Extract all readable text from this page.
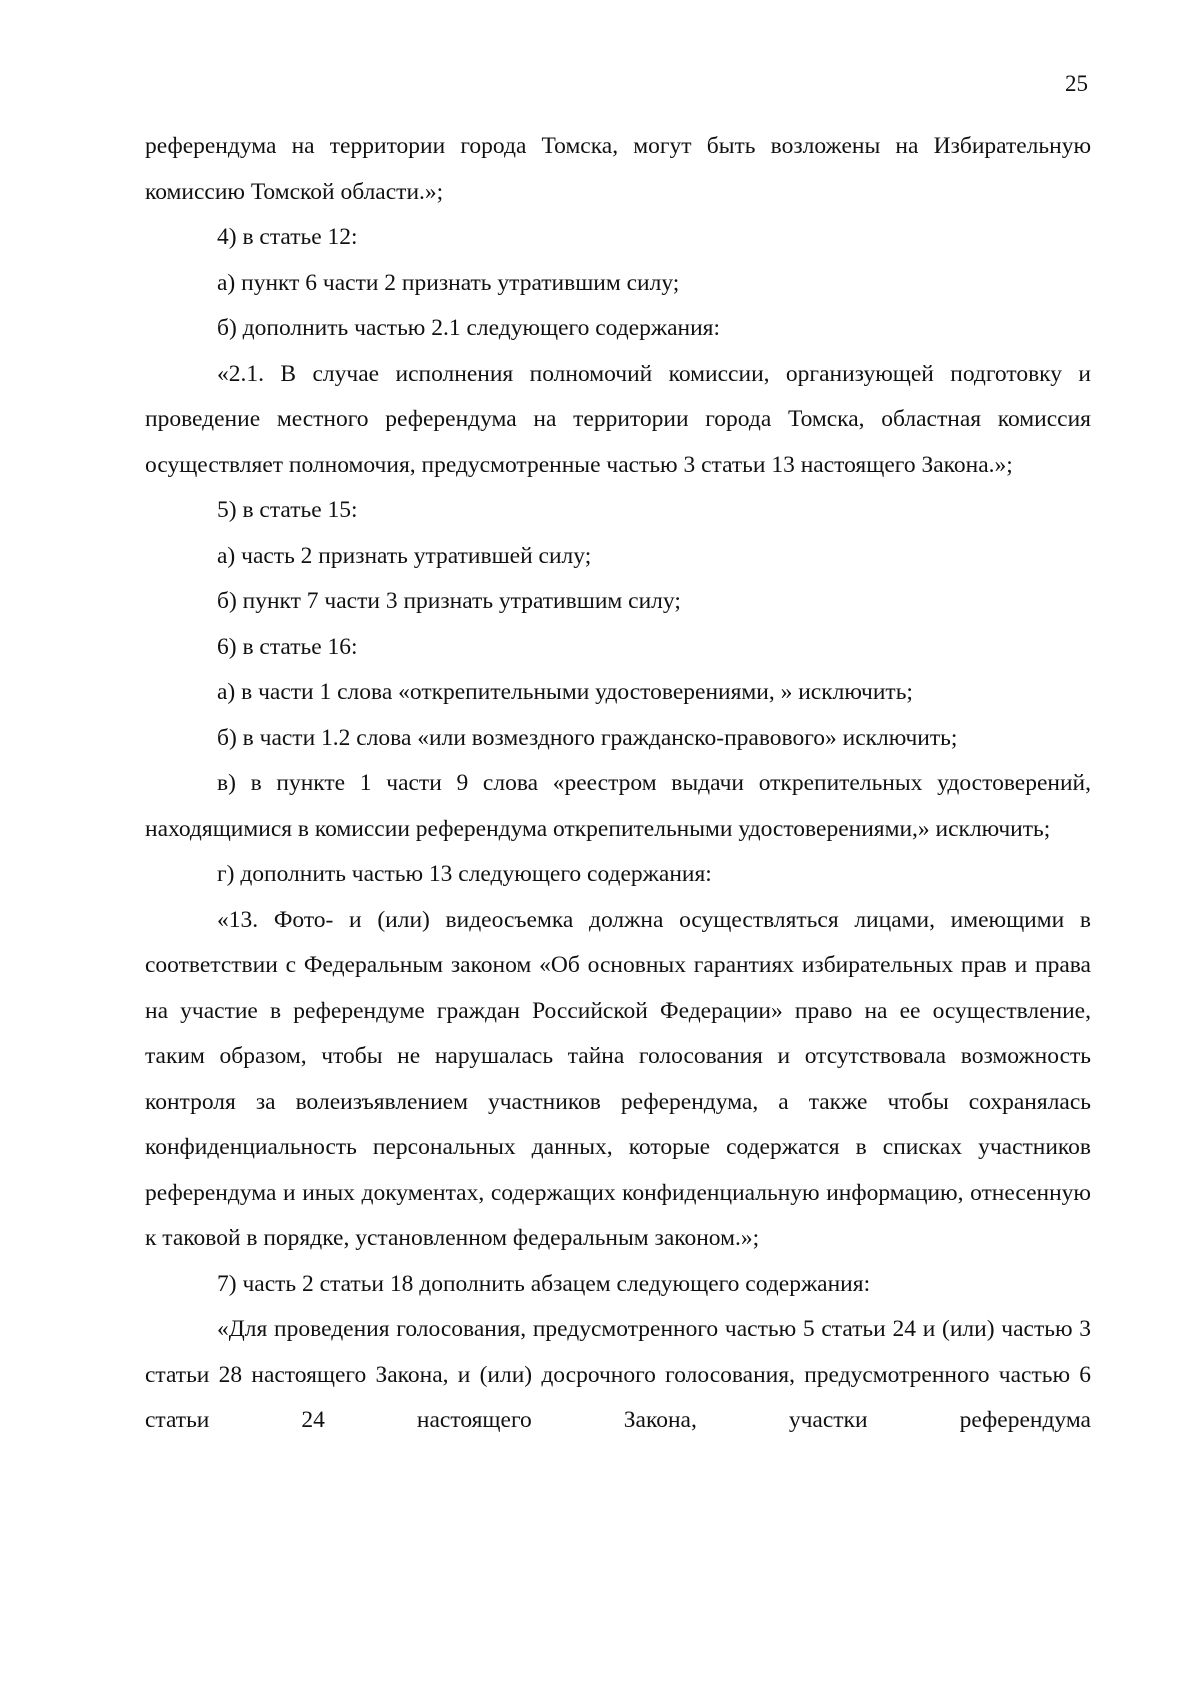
25

референдума на территории города Томска, могут быть возложены на Избирательную комиссию Томской области.»;

4) в статье 12:

а) пункт 6 части 2 признать утратившим силу;

б) дополнить частью 2.1 следующего содержания:

«2.1. В случае исполнения полномочий комиссии, организующей подготовку и проведение местного референдума на территории города Томска, областная комиссия осуществляет полномочия, предусмотренные частью 3 статьи 13 настоящего Закона.»;

5) в статье 15:

а) часть 2 признать утратившей силу;

б) пункт 7 части 3 признать утратившим силу;

6) в статье 16:

а) в части 1 слова «открепительными удостоверениями, » исключить;

б) в части 1.2 слова «или возмездного гражданско-правового» исключить;

в) в пункте 1 части 9 слова «реестром выдачи открепительных удостоверений, находящимися в комиссии референдума открепительными удостоверениями,» исключить;

г) дополнить частью 13 следующего содержания:

«13. Фото- и (или) видеосъемка должна осуществляться лицами, имеющими в соответствии с Федеральным законом «Об основных гарантиях избирательных прав и права на участие в референдуме граждан Российской Федерации» право на ее осуществление, таким образом, чтобы не нарушалась тайна голосования и отсутствовала возможность контроля за волеизъявлением участников референдума, а также чтобы сохранялась конфиденциальность персональных данных, которые содержатся в списках участников референдума и иных документах, содержащих конфиденциальную информацию, отнесенную к таковой в порядке, установленном федеральным законом.»;

7) часть 2 статьи 18 дополнить абзацем следующего содержания:

«Для проведения голосования, предусмотренного частью 5 статьи 24 и (или) частью 3 статьи 28 настоящего Закона, и (или) досрочного голосования, предусмотренного частью 6 статьи 24 настоящего Закона, участки референдума
